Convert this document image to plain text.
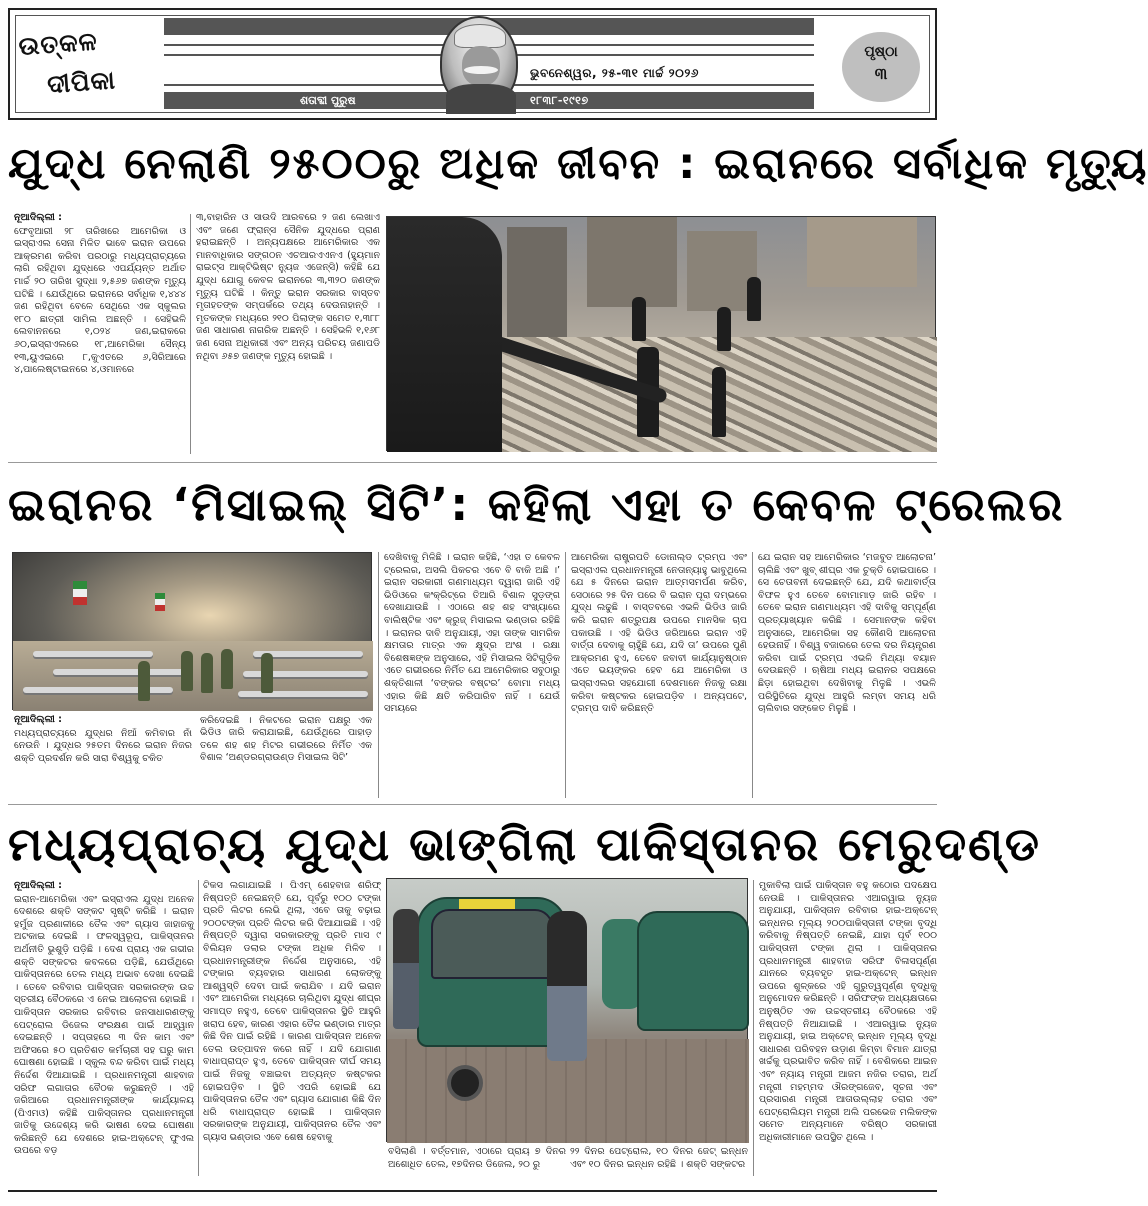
ଉତ୍କଳ
ଦୀପିକା	ଭୁବନେଶ୍ୱର, ୨୫-୩୧ ମାର୍ଚ୍ଚ ୨୦୨୬
ଶତାବ୍ଦୀ ପୁରୁଷ	୧୮୩୮-୧୯୧୭
ପୃଷ୍ଠା
୩
ଯୁଦ୍ଧ ନେଲାଣି ୨୫୦୦ରୁ ଅଧିକ ଜୀବନ : ଇରାନରେ ସର୍ବାଧିକ ମୃତ୍ୟୁ
ନୂଆଦିଲ୍ଲୀ :

ଫେବୃଆରୀ ୨୮ ତାରିଖରେ ଆମେରିକା ଓ ଇସ୍ରାଏଲ ସେନା ମିଳିତ ଭାବେ ଇରାନ ଉପରେ ଆକ୍ରମଣ କରିବା ପରଠାରୁ ମଧ୍ୟପ୍ରାଚ୍ୟରେ ଲାଗି ରହିଥିବା ଯୁଦ୍ଧରେ ଏପର୍ଯ୍ୟନ୍ତ ଅର୍ଥାତ ମାର୍ଚ୍ଚ ୨୦ ତାରିଖ ସୁଦ୍ଧା ୨,୫୬୭ ଜଣଙ୍କ ମୃତ୍ୟୁ ଘଟିଛି । ଯେଉଁଥିରେ ଇରାନରେ ସର୍ବାଧିକ ୧,୪୪୪ ଜଣ ରହିଥିବା ବେଳେ ସେଥିରେ ଏକ ସ୍କୁଲର ୧୮୦ ଛାତ୍ରୀ ସାମିଲ ଅଛନ୍ତି । ସେହିଭଳି ଲେବାନନରେ ୧,୦୨୪ ଜଣ,ଇରାକରେ ୬୦,ଇସ୍ରାଏଲରେ ୧୮,ଆମେରିକା ସୈନ୍ୟ ୧୩,ୟୁଏଇରେ ୮,କୁଏତରେ ୬,ସିରିଆରେ ୪,ପାଲେଷ୍ଟାଇନରେ ୪,ଓମାନରେ

୩,ବାହାରିନ ଓ ସାଉଦି ଆରବରେ ୨ ଜଣ ଲେଖାଏ ଏବଂ ଜଣେ ଫ୍ରାନ୍ସ ସୈନିକ ଯୁଦ୍ଧରେ ପ୍ରାଣ ହରାଇଛନ୍ତି । ଅନ୍ୟପକ୍ଷରେ ଆମେରିକାର ଏକ ମାନବାଧିକାର ସଙ୍ଗଠନ ଏଚଆରଏଏନଏ (ହ୍ୟୁମାନ ରାଇଟ୍ସ ଆକ୍ଟିଭିଷ୍ଟ ନ୍ୟୁଜ ଏଜେନ୍ସି) କହିଛି ଯେ ଯୁଦ୍ଧ ଯୋଗୁ କେବଳ ଇରାନରେ ୩,୩୨୦ ଜଣଙ୍କ ମୃତ୍ୟୁ ଘଟିଛି । କିନ୍ତୁ ଇରାନ ସରକାର ବାସ୍ତବ ମୃତାହତଙ୍କ ସମ୍ପର୍କରେ ତଥ୍ୟ ଦେଉନାହାନ୍ତି । ମୃତକଙ୍କ ମଧ୍ୟରେ ୨୧୦ ପିଲାଙ୍କ ସମେତ ୧,୩୮୮ ଜଣ ସାଧାରଣ ନାଗରିକ ଅଛନ୍ତି । ସେହିଭଳି ୧,୧୬୮ ଜଣ ସେନା ଅଧିକାରୀ ଏବଂ ଅନ୍ୟ ପରିଚୟ ଜଣାପଡି ନଥିବା ୬୫୭ ଜଣଙ୍କ ମୃତ୍ୟୁ ହୋଇଛି ।

ଇରାନର ‘ମିସାଇଲ୍ ସିଟି’: କହିଲା ଏହା ତ କେବଳ ଟ୍ରେଲର
ନୂଆଦିଲ୍ଲୀ :

ମଧ୍ୟପ୍ରାଚ୍ୟରେ ଯୁଦ୍ଧର ନିଆଁ କମିବାର ନାଁ ନେଉନି । ଯୁଦ୍ଧର ୨୫ତମ ଦିନରେ ଇରାନ ନିଜର ଶକ୍ତି ପ୍ରଦର୍ଶନ କରି ସାରା ବିଶ୍ୱକୁ ଚକିତ

କରିଦେଇଛି । ନିକଟରେ ଇରାନ ପକ୍ଷରୁ ଏକ ଭିଡିଓ ଜାରି କରାଯାଇଛି, ଯେଉଁଥିରେ ପାହାଡ଼ ତଳେ ଶହ ଶହ ମିଟର ଗଭୀରରେ ନିର୍ମିତ ଏକ ବିଶାଳ ‘ଅଣ୍ଡରଗ୍ରାଉଣ୍ଡ ମିସାଇଲ ସିଟି’

ଦେଖିବାକୁ ମିଳିଛି । ଇରାନ କହିଛି, ‘ଏହା ତ କେବଳ ଟ୍ରେଲର, ଅସଲି ପିକଚର ଏବେ ବି ବାକି ଅଛି ।’ ଇରାନ ସରକାରୀ ଗଣମାଧ୍ୟମ ଦ୍ୱାରା ଜାରି ଏହି ଭିଡିଓରେ କଂକ୍ରିଟ୍ରେ ତିଆରି ବିଶାଳ ସୁଡ଼ଙ୍ଗ ଦେଖାଯାଉଛି । ଏଠାରେ ଶହ ଶହ ସଂଖ୍ୟାରେ ବାଲିଷ୍ଟିକ ଏବଂ କ୍ରୁଜ୍ ମିସାଇଲ ଭଣ୍ଡାର ରହିଛି । ଇରାନର ଦାବି ଅନୁଯାୟୀ, ଏହା ତାଙ୍କ ସାମରିକ କ୍ଷମତାର ମାତ୍ର ଏକ କ୍ଷୁଦ୍ର ଅଂଶ । ରକ୍ଷା ବିଶେଷଜ୍ଞଙ୍କ ଅନୁସାରେ, ଏହି ମିସାଇଲ ସିଟିଗୁଡ଼ିକ ଏତେ ଗଭୀରରେ ନିର୍ମିତ ଯେ ଆମେରିକାର ସବୁଠାରୁ ଶକ୍ତିଶାଳୀ ‘ବଙ୍କର ବଷ୍ଟର’ ବୋମା ମଧ୍ୟ ଏହାର କିଛି କ୍ଷତି କରିପାରିବ ନାହିଁ । ଯେଉଁ ସମୟରେ

ଆମେରିକା ରାଷ୍ଟ୍ରପତି ଡୋନାଲ୍ଡ ଟ୍ରମ୍ପ ଏବଂ ଇସ୍ରାଏଲ ପ୍ରଧାନମନ୍ତ୍ରୀ ନେତାନ୍ୟାହୁ ଭାବୁଥିଲେ ଯେ ୫ ଦିନରେ ଇରାନ ଆତ୍ମସମର୍ପଣ କରିବ, ସେଠାରେ ୨୫ ଦିନ ପରେ ବି ଇରାନ ପୂରା ଦମ୍ଭରେ ଯୁଦ୍ଧ ଲଢୁଛି । ବାସ୍ତବରେ ଏଭଳି ଭିଡିଓ ଜାରି କରି ଇରାନ ଶତ୍ରୁପକ୍ଷ ଉପରେ ମାନସିକ ଚାପ ପକାଉଛି । ଏହି ଭିଡିଓ ଜରିଆରେ ଇରାନ ଏହି ବାର୍ତ୍ତା ଦେବାକୁ ଚାହୁଁଛି ଯେ, ଯଦି ତା’ ଉପରେ ପୁଣି ଆକ୍ରମଣ ହୁଏ, ତେବେ ଜବାବୀ କାର୍ଯ୍ୟାନୁଷ୍ଠାନ ଏତେ ଭୟଙ୍କର ହେବ ଯେ ଆମେରିକା ଓ ଇସ୍ରାଏଲର ସହଯୋଗୀ ଦେଶମାନେ ନିଜକୁ ରକ୍ଷା କରିବା କଷ୍ଟକର ହୋଇପଡ଼ିବ । ଅନ୍ୟପଟେ, ଟ୍ରମ୍ପ ଦାବି କରିଛନ୍ତି

ଯେ ଇରାନ ସହ ଆମେରିକାର ‘ମଜବୁତ ଆଲୋଚନା’ ଚାଲିଛି ଏବଂ ଖୁବ୍ ଶୀଘ୍ର ଏକ ଚୁକ୍ତି ହୋଇପାରେ । ସେ ଚେତାବନୀ ଦେଇଛନ୍ତି ଯେ, ଯଦି କଥାବାର୍ତ୍ତା ବିଫଳ ହୁଏ ତେବେ ବୋମାମାଡ଼ ଜାରି ରହିବ । ତେବେ ଇରାନ ଗଣମାଧ୍ୟମ ଏହି ଦାବିକୁ ସମ୍ପୂର୍ଣ୍ଣ ପ୍ରତ୍ୟାଖ୍ୟାନ କରିଛି । ସେମାନଙ୍କ କହିବା ଅନୁସାରେ, ଆମେରିକା ସହ କୌଣସି ଆଲୋଚନା ହେଉନାହିଁ । ବିଶ୍ୱ ବଜାରରେ ତେଲ ଦର ନିୟନ୍ତ୍ରଣ କରିବା ପାଇଁ ଟ୍ରମ୍ପ ଏଭଳି ମିଥ୍ୟା ବୟାନ ଦେଉଛନ୍ତି । ଋଷିଆ ମଧ୍ୟ ଇରାନର ସପକ୍ଷରେ ଛିଡ଼ା ହୋଇଥିବା ଦେଖିବାକୁ ମିଳୁଛି । ଏଭଳି ପରିସ୍ଥିତିରେ ଯୁଦ୍ଧ ଆହୁରି ଲମ୍ବା ସମୟ ଧରି ଚାଲିବାର ସଙ୍କେତ ମିଳୁଛି ।

ମଧ୍ୟପ୍ରାଚ୍ୟ ଯୁଦ୍ଧ ଭାଙ୍ଗିଲା ପାକିସ୍ତାନର ମେରୁଦଣ୍ଡ
ନୂଆଦିଲ୍ଲୀ :

ଇରାନ-ଆମେରିକା ଏବଂ ଇସ୍ରାଏଲ ଯୁଦ୍ଧ ଅନେକ ଦେଶରେ ଶକ୍ତି ସଙ୍କଟ ସୃଷ୍ଟି କରିଛି । ଇରାନ ହର୍ମୁଜ ପ୍ରଣାଳୀରେ ତୈଳ ଏବଂ ଗ୍ୟାସ ଜାହାଜକୁ ଅଟକାଇ ଦେଇଛି । ଫଳସ୍ୱରୂପ, ପାକିସ୍ତାନର ଅର୍ଥନୀତି ଭୁଶୁଡ଼ି ପଡ଼ିଛି । ଦେଶ ପ୍ରାୟ ଏକ ଗଭୀର ଶକ୍ତି ସଙ୍କଟର କବଳରେ ପଡ଼ିଛି, ଯେଉଁଥିରେ ପାକିସ୍ତାନରେ ତେଲ ମଧ୍ୟ ଅଭାବ ଦେଖା ଦେଇଛି । ତେବେ ରବିବାର ପାକିସ୍ତାନ ସରକାରଙ୍କ ଉଚ୍ଚ ସ୍ତରୀୟ ବୈଠକରେ ଏ ନେଇ ଆଲୋଚନା ହୋଇଛି । ପାକିସ୍ତାନ ସରକାର ରବିବାର ଜନସାଧାରଣଙ୍କୁ ପେଟ୍ରୋଲ ଡିଜେଲ ସଂରକ୍ଷଣ ପାଇଁ ଆହ୍ୱାନ ଦେଇଛନ୍ତି । ସପ୍ତାହରେ ୩ ଦିନ କାମ ଏବଂ ଅଫିସରେ ୫୦ ପ୍ରତିଶତ କର୍ମଚାରୀ ସହ ଘରୁ କାମ ଘୋଷଣା ହୋଇଛି । ସ୍କୁଲ ବନ୍ଦ କରିବା ପାଇଁ ମଧ୍ୟ ନିର୍ଦ୍ଦେଶ ଦିଆଯାଇଛି । ପ୍ରଧାନମନ୍ତ୍ରୀ ଶାହବାଜ ସରିଫ ଲଗାତାର ବୈଠକ କରୁଛନ୍ତି । ଏହି ଜରିଆରେ ପ୍ରଧାନମନ୍ତ୍ରୀଙ୍କ କାର୍ଯ୍ୟାଳୟ (ପିଏମଓ) କହିଛି ପାକିସ୍ତାନର ପ୍ରଧାନମନ୍ତ୍ରୀ ଜାତିକୁ ଉଦ୍ଦେଶ୍ୟ କରି ଭାଷଣ ଦେଇ ଘୋଷଣା କରିଛନ୍ତି ଯେ ଦେଶରେ ହାଇ-ଅକ୍ଟେନ୍ ଫୁଏଲ ଉପରେ ବଡ଼

ଟିକସ ଲଗାଯାଇଛି । ପିଏମ୍ ଶେହବାଜ ଶରିଫ୍ ନିଷ୍ପତ୍ତି ନେଇଛନ୍ତି ଯେ, ପୂର୍ବରୁ ୧୦୦ ଟଙ୍କା ପ୍ରତି ଲିଟର ଲେଭି ଥିଲା, ଏବେ ତାକୁ ବଢ଼ାଇ ୨୦୦ଟଙ୍କା ପ୍ରତି ଲିଟର କରି ଦିଆଯାଇଛି । ଏହି ନିଷ୍ପତ୍ତି ଦ୍ୱାରା ସରକାରଙ୍କୁ ପ୍ରତି ମାସ ୯ ବିଲିୟନ ଡଲାର ଟଙ୍କା ଅଧିକ ମିଳିବ । ପ୍ରଧାନମନ୍ତ୍ରୀଙ୍କ ନିର୍ଦ୍ଦେଶ ଅନୁସାରେ, ଏହି ଟଙ୍କାର ବ୍ୟବହାର ସାଧାରଣ ଲୋକଙ୍କୁ ଆଶ୍ୱସ୍ତି ଦେବା ପାଇଁ କରାଯିବ । ଯଦି ଇରାନ ଏବଂ ଆମେରିକା ମଧ୍ୟରେ ଚାଲିଥିବା ଯୁଦ୍ଧ ଶୀଘ୍ର ସମାପ୍ତ ନହୁଏ, ତେବେ ପାକିସ୍ତାନର ସ୍ଥିତି ଆହୁରି ଖରାପ ହେବ, କାରଣ ଏହାର ତୈଳ ଭଣ୍ଡାର ମାତ୍ର କିଛି ଦିନ ପାଇଁ ରହିଛି । କାରଣ ପାକିସ୍ତାନ ଅନେକ ତେଲ ଉତ୍ପାଦନ କରେ ନାହିଁ । ଯଦି ଯୋଗାଣ ବାଧାପ୍ରାପ୍ତ ହୁଏ, ତେବେ ପାକିସ୍ତାନ ଦୀର୍ଘ ସମୟ ପାଇଁ ନିଜକୁ ବଞ୍ଚାଇବା ଅତ୍ୟନ୍ତ କଷ୍ଟକର ହୋଇପଡ଼ିବ । ସ୍ଥିତି ଏପରି ହୋଇଛି ଯେ ପାକିସ୍ତାନର ତୈଳ ଏବଂ ଗ୍ୟାସ ଯୋଗାଣ କିଛି ଦିନ ଧରି ବାଧାପ୍ରାପ୍ତ ହୋଇଛି । ପାକିସ୍ତାନ ସରକାରଙ୍କ ଅନୁଯାୟୀ, ପାକିସ୍ତାନର ତୈଳ ଏବଂ ଗ୍ୟାସ ଭଣ୍ଡାର ଏବେ ଶେଷ ହେବାକୁ

ବସିଲାଣି । ବର୍ତ୍ତମାନ, ଏଠାରେ ପ୍ରାୟ ୭ ଦିନର ଅଶୋଧିତ ତେଲ, ୧୭ଦିନର ଡିଜେଲ, ୨୦ ରୁ

୨୨ ଦିନର ପେଟ୍ରୋଲ, ୧୦ ଦିନର ଜେଟ୍ ଇନ୍ଧନ ଏବଂ ୧୦ ଦିନର ଇନ୍ଧନ ରହିଛି । ଶକ୍ତି ସଙ୍କଟର

ମୁକାବିଲା ପାଇଁ ପାକିସ୍ତାନ ବହୁ କଠୋର ପଦକ୍ଷେପ ନେଉଛି । ପାକିସ୍ତାନର ଏଆରୱାଇ ନ୍ୟୁଜ ଅନୁଯାୟୀ, ପାକିସ୍ତାନ ରବିବାର ହାଇ-ଅକ୍ଟେନ୍ ଇନ୍ଧନର ମୂଲ୍ୟ ୨୦୦ପାକିସ୍ତାନୀ ଟଙ୍କା ବୃଦ୍ଧି କରିବାକୁ ନିଷ୍ପତ୍ତି ନେଇଛି, ଯାହା ପୂର୍ବ ୧୦୦ ପାକିସ୍ତାନୀ ଟଙ୍କା ଥିଲା । ପାକିସ୍ତାନର ପ୍ରଧାନମନ୍ତ୍ରୀ ଶାହବାଜ ସରିଫ ବିଳାସପୂର୍ଣ୍ଣ ଯାନରେ ବ୍ୟବହୃତ ହାଇ-ଅକ୍ଟେନ୍ ଇନ୍ଧନ ଉପରେ ଶୁଳ୍କରେ ଏହି ଗୁରୁତ୍ୱପୂର୍ଣ୍ଣ ବୃଦ୍ଧିକୁ ଅନୁମୋଦନ କରିଛନ୍ତି । ସରିଫଙ୍କ ଅଧ୍ୟକ୍ଷତାରେ ଅନୁଷ୍ଠିତ ଏକ ଉଚ୍ଚସ୍ତରୀୟ ବୈଠକରେ ଏହି ନିଷ୍ପତ୍ତି ନିଆଯାଇଛି । ଏଆରୱାଇ ନ୍ୟୁଜ ଅନୁଯାୟୀ, ହାଇ ଅକ୍ଟେନ୍ ଇନ୍ଧନ ମୂଲ୍ୟ ବୃଦ୍ଧି ସାଧାରଣ ପରିବହନ ଉଡ଼ାଣ କିମ୍ବା ବିମାନ ଯାତ୍ରା ଖର୍ଚ୍ଚକୁ ପ୍ରଭାବିତ କରିବ ନାହିଁ । ବେଶିକରେ ଆଇନ ଏବଂ ନ୍ୟାୟ ମନ୍ତ୍ରୀ ଆଜମ ନଜିର ତରାର, ଅର୍ଥ ମନ୍ତ୍ରୀ ମହମ୍ମଦ ଔରଙ୍ଗଜେବ, ସୂଚନା ଏବଂ ପ୍ରସାରଣ ମନ୍ତ୍ରୀ ଆତାଉଲ୍ଲାହ ତରାର ଏବଂ ପେଟ୍ରୋଲିୟମ ମନ୍ତ୍ରୀ ଅଲି ପରଭେଜ ମଲିକଙ୍କ ସମେତ ଅନ୍ୟମାନେ ବରିଷ୍ଠ ସରକାରୀ ଅଧିକାରୀମାନେ ଉପସ୍ଥିତ ଥିଲେ ।
